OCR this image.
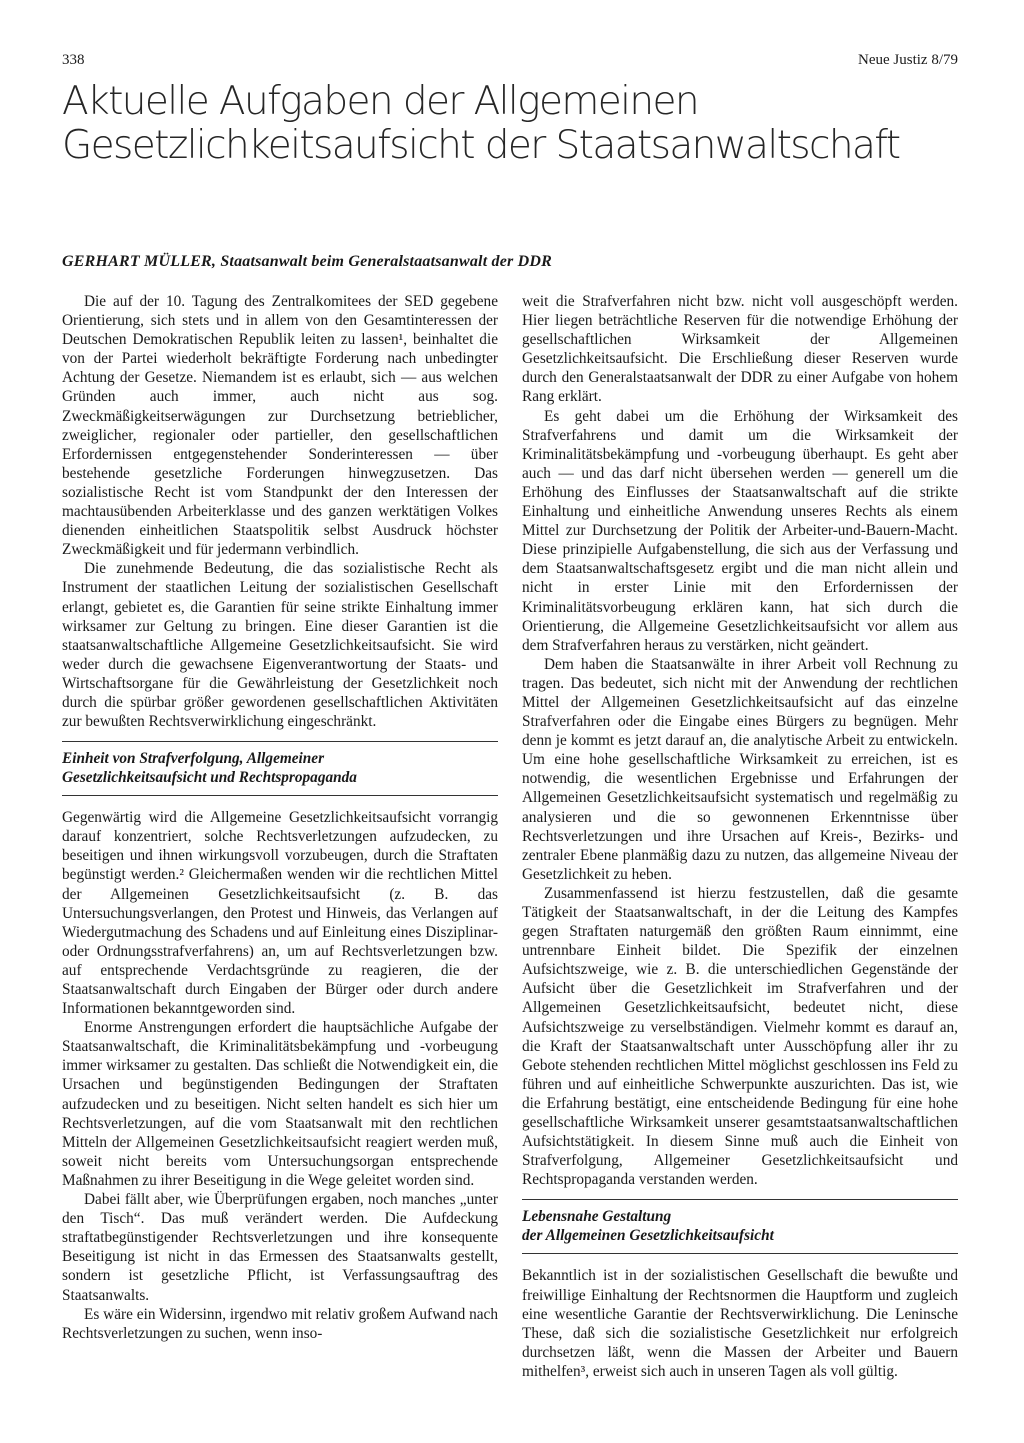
338	Neue Justiz 8/79
Aktuelle Aufgaben der Allgemeinen Gesetzlichkeitsaufsicht der Staatsanwaltschaft

GERHART MÜLLER, Staatsanwalt beim Generalstaatsanwalt der DDR

Die auf der 10. Tagung des Zentralkomitees der SED gegebene Orientierung, sich stets und in allem von den Gesamtinteressen der Deutschen Demokratischen Republik leiten zu lassen¹, beinhaltet die von der Partei wiederholt bekräftigte Forderung nach unbedingter Achtung der Gesetze. Niemandem ist es erlaubt, sich — aus welchen Gründen auch immer, auch nicht aus sog. Zweckmäßigkeitserwägungen zur Durchsetzung betrieblicher, zweiglicher, regionaler oder partieller, den gesellschaftlichen Erfordernissen entgegenstehender Sonderinteressen — über bestehende gesetzliche Forderungen hinwegzusetzen. Das sozialistische Recht ist vom Standpunkt der den Interessen der machtausübenden Arbeiterklasse und des ganzen werktätigen Volkes dienenden einheitlichen Staatspolitik selbst Ausdruck höchster Zweckmäßigkeit und für jedermann verbindlich.

Die zunehmende Bedeutung, die das sozialistische Recht als Instrument der staatlichen Leitung der sozialistischen Gesellschaft erlangt, gebietet es, die Garantien für seine strikte Einhaltung immer wirksamer zur Geltung zu bringen. Eine dieser Garantien ist die staatsanwaltschaftliche Allgemeine Gesetzlichkeitsaufsicht. Sie wird weder durch die gewachsene Eigenverantwortung der Staats- und Wirtschaftsorgane für die Gewährleistung der Gesetzlichkeit noch durch die spürbar größer gewordenen gesellschaftlichen Aktivitäten zur bewußten Rechtsverwirklichung eingeschränkt.

Einheit von Strafverfolgung, Allgemeiner
Gesetzlichkeitsaufsicht und Rechtspropaganda

Gegenwärtig wird die Allgemeine Gesetzlichkeitsaufsicht vorrangig darauf konzentriert, solche Rechtsverletzungen aufzudecken, zu beseitigen und ihnen wirkungsvoll vorzubeugen, durch die Straftaten begünstigt werden.² Gleichermaßen wenden wir die rechtlichen Mittel der Allgemeinen Gesetzlichkeitsaufsicht (z. B. das Untersuchungsverlangen, den Protest und Hinweis, das Verlangen auf Wiedergutmachung des Schadens und auf Einleitung eines Disziplinar- oder Ordnungsstrafverfahrens) an, um auf Rechtsverletzungen bzw. auf entsprechende Verdachtsgründe zu reagieren, die der Staatsanwaltschaft durch Eingaben der Bürger oder durch andere Informationen bekanntgeworden sind.

Enorme Anstrengungen erfordert die hauptsächliche Aufgabe der Staatsanwaltschaft, die Kriminalitätsbekämpfung und -vorbeugung immer wirksamer zu gestalten. Das schließt die Notwendigkeit ein, die Ursachen und begünstigenden Bedingungen der Straftaten aufzudecken und zu beseitigen. Nicht selten handelt es sich hier um Rechtsverletzungen, auf die vom Staatsanwalt mit den rechtlichen Mitteln der Allgemeinen Gesetzlichkeitsaufsicht reagiert werden muß, soweit nicht bereits vom Untersuchungsorgan entsprechende Maßnahmen zu ihrer Beseitigung in die Wege geleitet worden sind.

Dabei fällt aber, wie Überprüfungen ergaben, noch manches „unter den Tisch“. Das muß verändert werden. Die Aufdeckung straftatbegünstigender Rechtsverletzungen und ihre konsequente Beseitigung ist nicht in das Ermessen des Staatsanwalts gestellt, sondern ist gesetzliche Pflicht, ist Verfassungsauftrag des Staatsanwalts.

Es wäre ein Widersinn, irgendwo mit relativ großem Aufwand nach Rechtsverletzungen zu suchen, wenn inso-

weit die Strafverfahren nicht bzw. nicht voll ausgeschöpft werden. Hier liegen beträchtliche Reserven für die notwendige Erhöhung der gesellschaftlichen Wirksamkeit der Allgemeinen Gesetzlichkeitsaufsicht. Die Erschließung dieser Reserven wurde durch den Generalstaatsanwalt der DDR zu einer Aufgabe von hohem Rang erklärt.

Es geht dabei um die Erhöhung der Wirksamkeit des Strafverfahrens und damit um die Wirksamkeit der Kriminalitätsbekämpfung und -vorbeugung überhaupt. Es geht aber auch — und das darf nicht übersehen werden — generell um die Erhöhung des Einflusses der Staatsanwaltschaft auf die strikte Einhaltung und einheitliche Anwendung unseres Rechts als einem Mittel zur Durchsetzung der Politik der Arbeiter-und-Bauern-Macht. Diese prinzipielle Aufgabenstellung, die sich aus der Verfassung und dem Staatsanwaltschaftsgesetz ergibt und die man nicht allein und nicht in erster Linie mit den Erfordernissen der Kriminalitätsvorbeugung erklären kann, hat sich durch die Orientierung, die Allgemeine Gesetzlichkeitsaufsicht vor allem aus dem Strafverfahren heraus zu verstärken, nicht geändert.

Dem haben die Staatsanwälte in ihrer Arbeit voll Rechnung zu tragen. Das bedeutet, sich nicht mit der Anwendung der rechtlichen Mittel der Allgemeinen Gesetzlichkeitsaufsicht auf das einzelne Strafverfahren oder die Eingabe eines Bürgers zu begnügen. Mehr denn je kommt es jetzt darauf an, die analytische Arbeit zu entwickeln. Um eine hohe gesellschaftliche Wirksamkeit zu erreichen, ist es notwendig, die wesentlichen Ergebnisse und Erfahrungen der Allgemeinen Gesetzlichkeitsaufsicht systematisch und regelmäßig zu analysieren und die so gewonnenen Erkenntnisse über Rechtsverletzungen und ihre Ursachen auf Kreis-, Bezirks- und zentraler Ebene planmäßig dazu zu nutzen, das allgemeine Niveau der Gesetzlichkeit zu heben.

Zusammenfassend ist hierzu festzustellen, daß die gesamte Tätigkeit der Staatsanwaltschaft, in der die Leitung des Kampfes gegen Straftaten naturgemäß den größten Raum einnimmt, eine untrennbare Einheit bildet. Die Spezifik der einzelnen Aufsichtszweige, wie z. B. die unterschiedlichen Gegenstände der Aufsicht über die Gesetzlichkeit im Strafverfahren und der Allgemeinen Gesetzlichkeitsaufsicht, bedeutet nicht, diese Aufsichtszweige zu verselbständigen. Vielmehr kommt es darauf an, die Kraft der Staatsanwaltschaft unter Ausschöpfung aller ihr zu Gebote stehenden rechtlichen Mittel möglichst geschlossen ins Feld zu führen und auf einheitliche Schwerpunkte auszurichten. Das ist, wie die Erfahrung bestätigt, eine entscheidende Bedingung für eine hohe gesellschaftliche Wirksamkeit unserer gesamtstaatsanwaltschaftlichen Aufsichtstätigkeit. In diesem Sinne muß auch die Einheit von Strafverfolgung, Allgemeiner Gesetzlichkeitsaufsicht und Rechtspropaganda verstanden werden.

Lebensnahe Gestaltung
der Allgemeinen Gesetzlichkeitsaufsicht

Bekanntlich ist in der sozialistischen Gesellschaft die bewußte und freiwillige Einhaltung der Rechtsnormen die Hauptform und zugleich eine wesentliche Garantie der Rechtsverwirklichung. Die Leninsche These, daß sich die sozialistische Gesetzlichkeit nur erfolgreich durchsetzen läßt, wenn die Massen der Arbeiter und Bauern mithelfen³, erweist sich auch in unseren Tagen als voll gültig.
